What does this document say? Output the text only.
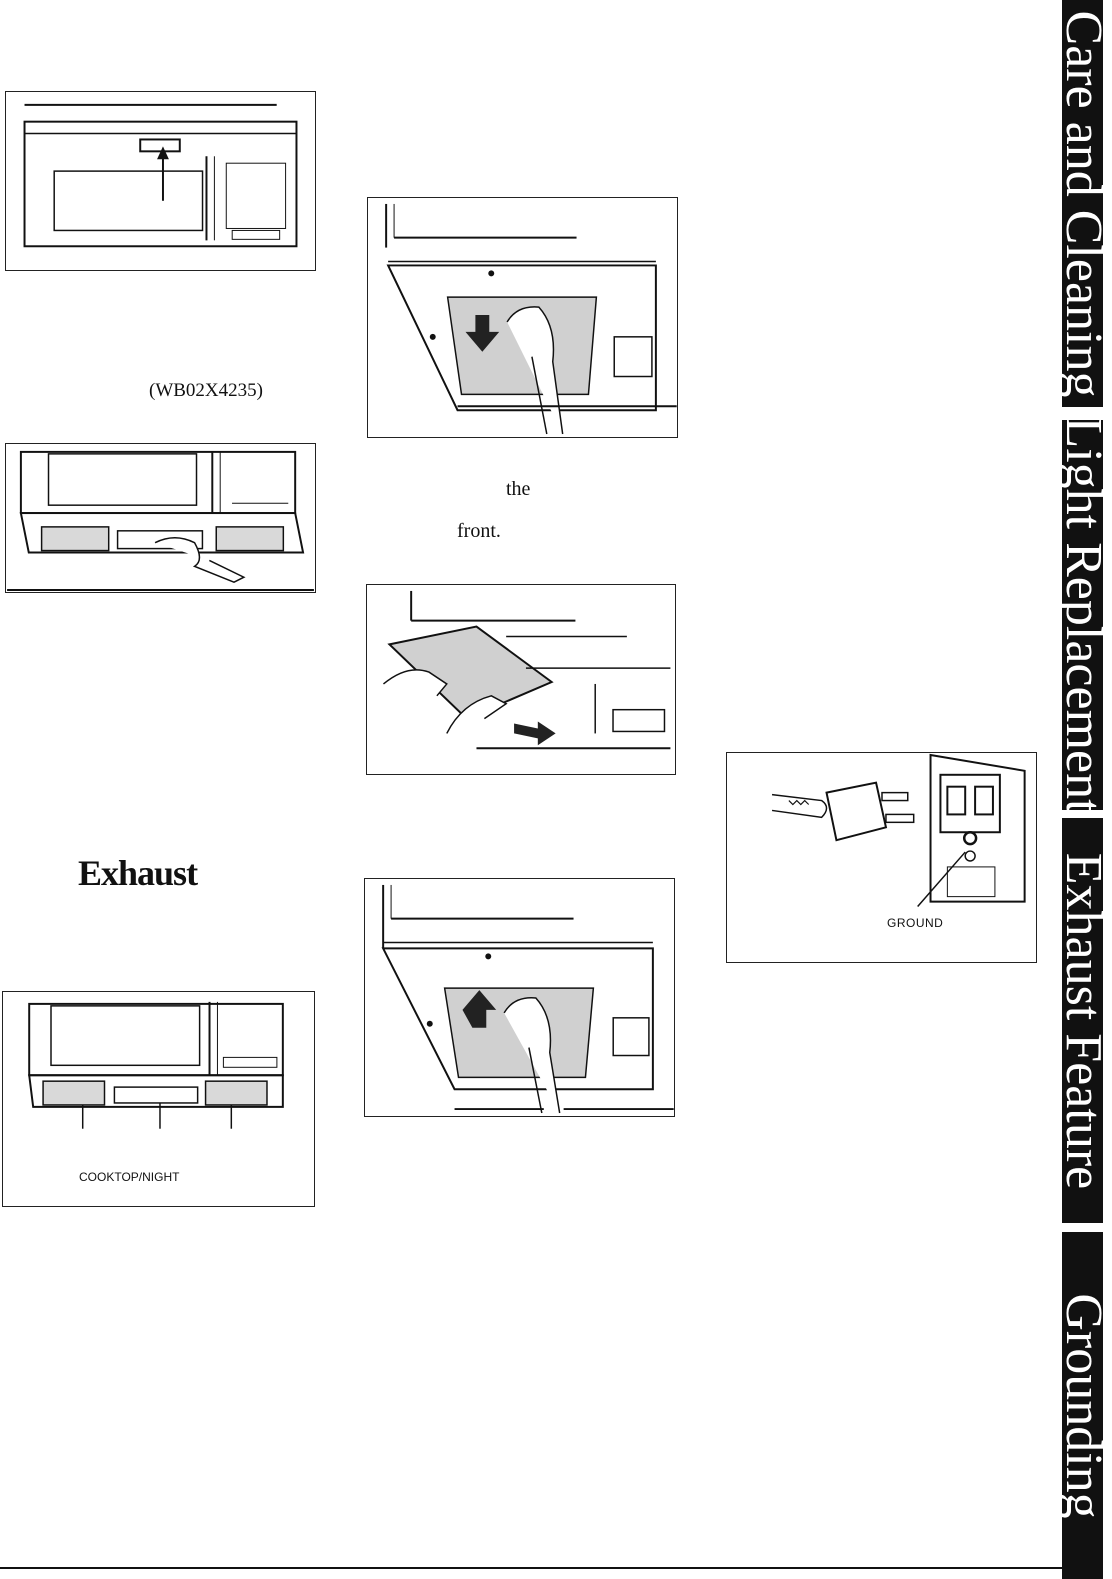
(WB02X4235)
Exhaust
COOKTOP/NIGHT
the
front.
GROUND
Care and Cleaning
Light Replacement
Exhaust Feature
Grounding
